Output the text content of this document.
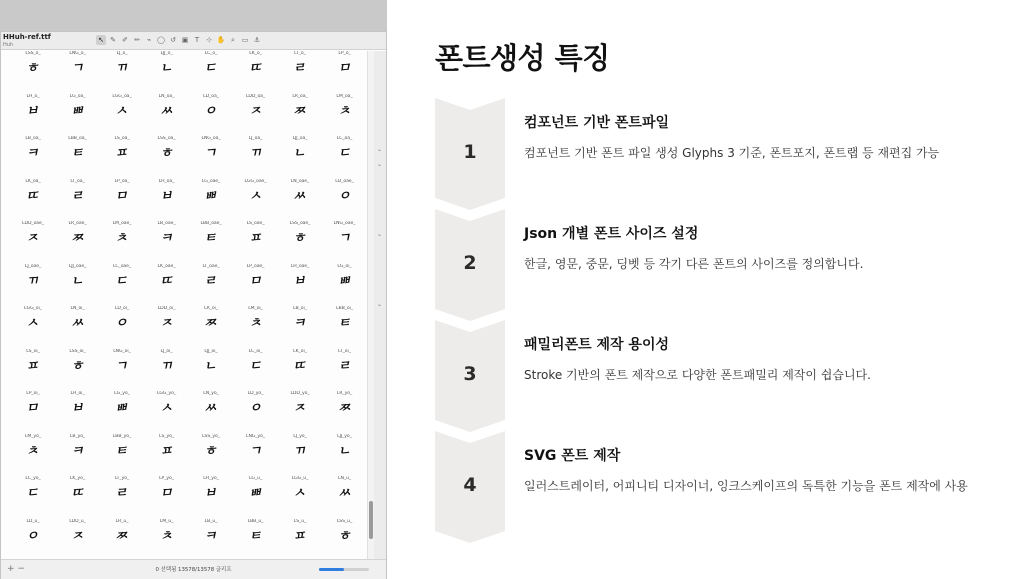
HHuh-ref.ttf
Huh
↖ ✎ ✐ ✏ ⌁ ◯ ↺ ▣ T ⊹ ✋ ⌕ ▭ ⚓
LSS_o_
ㅎ
LNG_o_
ㄱ
LJ_o_
ㄲ
LJJ_o_
ㄴ
LC_o_
ㄷ
LK_o_
ㄸ
LT_o_
ㄹ
LP_o_
ㅁ
LH_o_
ㅂ
LG_oa_
ㅃ
LGG_oa_
ㅅ
LN_oa_
ㅆ
LD_oa_
ㅇ
LDD_oa_
ㅈ
LR_oa_
ㅉ
LM_oa_
ㅊ
LB_oa_
ㅋ
LBB_oa_
ㅌ
LS_oa_
ㅍ
LSS_oa_
ㅎ
LNG_oa_
ㄱ
LJ_oa_
ㄲ
LJJ_oa_
ㄴ
LC_oa_
ㄷ
LK_oa_
ㄸ
LT_oa_
ㄹ
LP_oa_
ㅁ
LH_oa_
ㅂ
LG_oae_
ㅃ
LGG_oae_
ㅅ
LN_oae_
ㅆ
LD_oae_
ㅇ
LDD_oae_
ㅈ
LR_oae_
ㅉ
LM_oae_
ㅊ
LB_oae_
ㅋ
LBB_oae_
ㅌ
LS_oae_
ㅍ
LSS_oae_
ㅎ
LNG_oae_
ㄱ
LJ_oae_
ㄲ
LJJ_oae_
ㄴ
LC_oae_
ㄷ
LK_oae_
ㄸ
LT_oae_
ㄹ
LP_oae_
ㅁ
LH_oae_
ㅂ
LG_oi_
ㅃ
LGG_oi_
ㅅ
LN_oi_
ㅆ
LD_oi_
ㅇ
LDD_oi_
ㅈ
LR_oi_
ㅉ
LM_oi_
ㅊ
LB_oi_
ㅋ
LBB_oi_
ㅌ
LS_oi_
ㅍ
LSS_oi_
ㅎ
LNG_oi_
ㄱ
LJ_oi_
ㄲ
LJJ_oi_
ㄴ
LC_oi_
ㄷ
LK_oi_
ㄸ
LT_oi_
ㄹ
LP_oi_
ㅁ
LH_oi_
ㅂ
LG_yo_
ㅃ
LGG_yo_
ㅅ
LN_yo_
ㅆ
LD_yo_
ㅇ
LDD_yo_
ㅈ
LR_yo_
ㅉ
LM_yo_
ㅊ
LB_yo_
ㅋ
LBB_yo_
ㅌ
LS_yo_
ㅍ
LSS_yo_
ㅎ
LNG_yo_
ㄱ
LJ_yo_
ㄲ
LJJ_yo_
ㄴ
LC_yo_
ㄷ
LK_yo_
ㄸ
LT_yo_
ㄹ
LP_yo_
ㅁ
LH_yo_
ㅂ
LG_u_
ㅃ
LGG_u_
ㅅ
LN_u_
ㅆ
LD_u_
ㅇ
LDD_u_
ㅈ
LR_u_
ㅉ
LM_u_
ㅊ
LB_u_
ㅋ
LBB_u_
ㅌ
LS_u_
ㅍ
LSS_u_
ㅎ
⌄
⌄
⌄
⌄
+ −	0 선택됨 13578/13578 글리프
폰트생성 특징
1
컴포넌트 기반 폰트파일
컴포넌트 기반 폰트 파일 생성 Glyphs 3 기준, 폰트포지, 폰트랩 등 재편집 가능
2
Json 개별 폰트 사이즈 설정
한글, 영문, 중문, 딩벳 등 각기 다른 폰트의 사이즈를 정의합니다.
3
패밀리폰트 제작 용이성
Stroke 기반의 폰트 제작으로 다양한 폰트패밀리 제작이 쉽습니다.
4
SVG 폰트 제작
일러스트레이터, 어피니티 디자이너, 잉크스케이프의 독특한 기능을 폰트 제작에 사용
